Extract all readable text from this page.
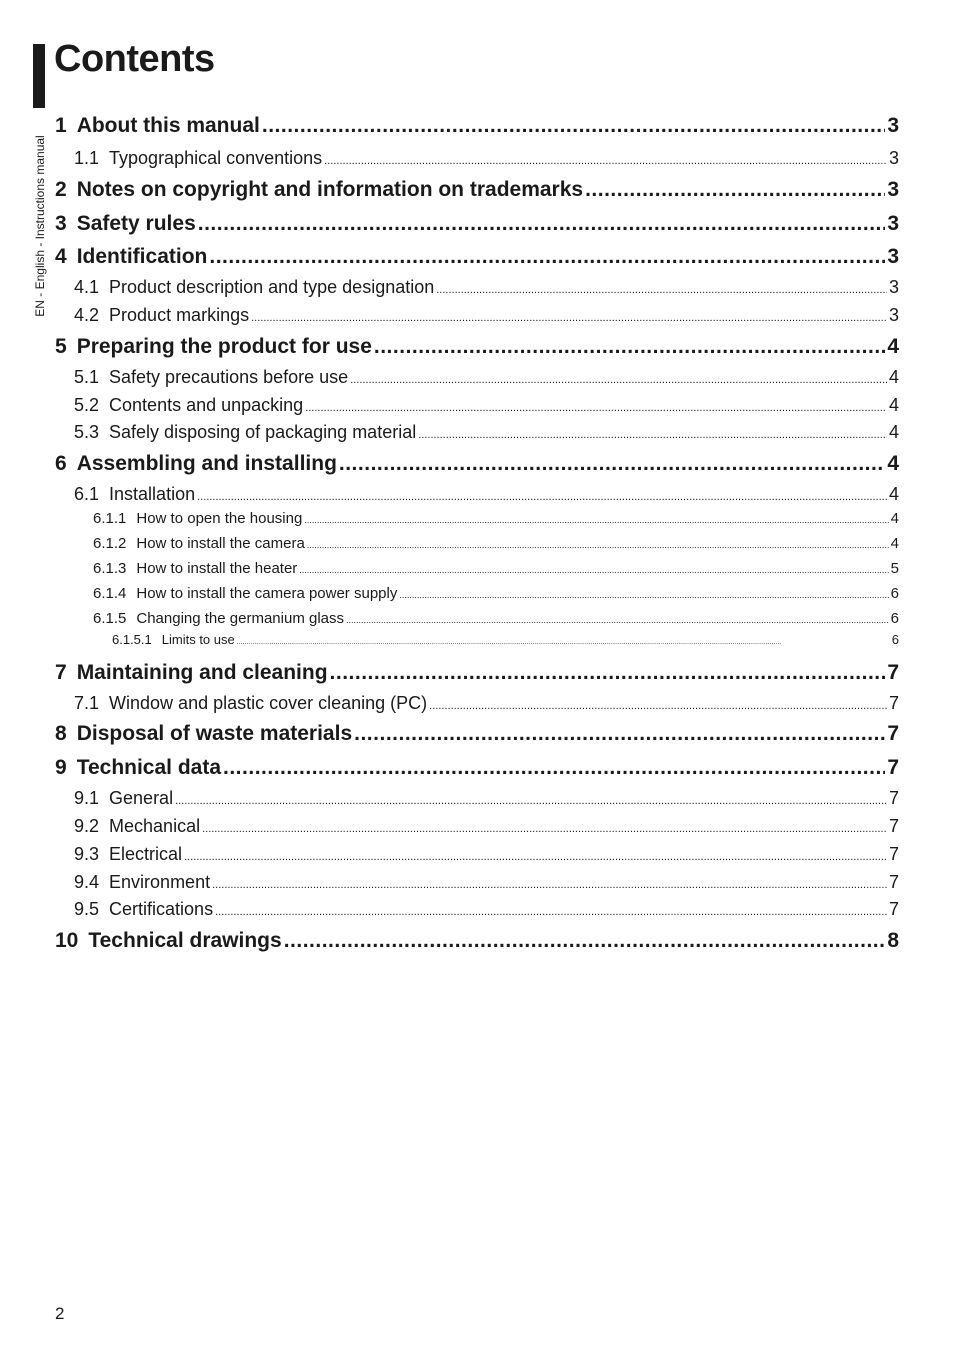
Contents
EN - English - Instructions manual
1 About this manual .....	3
1.1 Typographical conventions .....	3
2 Notes on copyright and information on trademarks .....	3
3 Safety rules .....	3
4 Identification .....	3
4.1 Product description and type designation .....	3
4.2 Product markings .....	3
5 Preparing the product for use .....	4
5.1 Safety precautions before use .....	4
5.2 Contents and unpacking .....	4
5.3 Safely disposing of packaging material .....	4
6 Assembling and installing .....	4
6.1 Installation .....	4
6.1.1 How to open the housing .....	4
6.1.2 How to install the camera .....	4
6.1.3 How to install the heater .....	5
6.1.4 How to install the camera power supply .....	6
6.1.5 Changing the germanium glass .....	6
6.1.5.1 Limits to use .....	6
7 Maintaining and cleaning .....	7
7.1 Window and plastic cover cleaning (PC) .....	7
8 Disposal of waste materials .....	7
9 Technical data .....	7
9.1 General .....	7
9.2 Mechanical .....	7
9.3 Electrical .....	7
9.4 Environment .....	7
9.5 Certifications .....	7
10 Technical drawings .....	8
2
